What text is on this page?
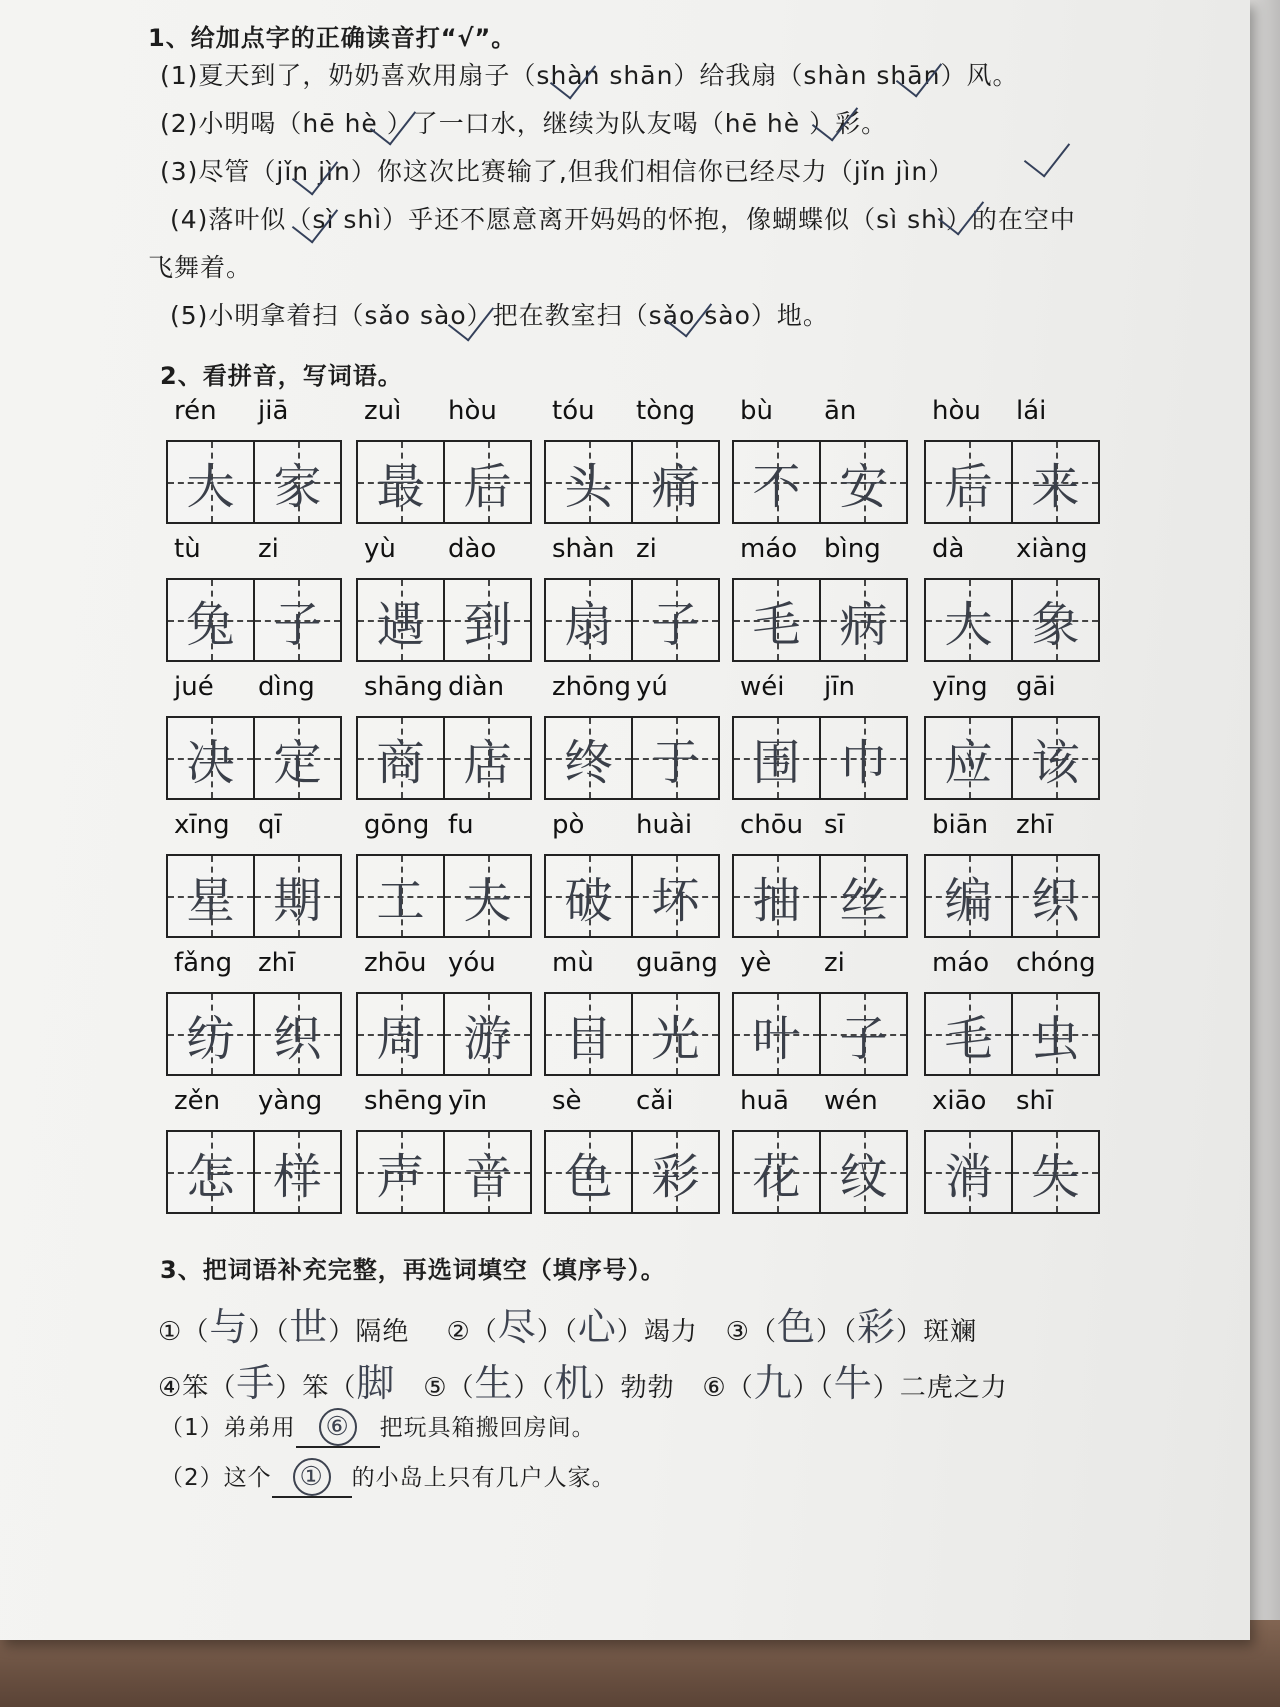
1、给加点字的正确读音打“√”。
(1)夏天到了，奶奶喜欢用扇子（shàn shān）给我扇（shàn shān）风。
(2)小明喝（hē hè ）了一口水，继续为队友喝（hē hè ）彩。
(3)尽管（jǐn jìn）你这次比赛输了,但我们相信你已经尽力（jǐn jìn）
(4)落叶似（sì shì）乎还不愿意离开妈妈的怀抱，像蝴蝶似（sì shì）的在空中
飞舞着。
(5)小明拿着扫（sǎo sào）把在教室扫（sǎo sào）地。
2、看拼音，写词语。
rén jiā
大 家
zuì hòu
最 后
tóu tòng
头 痛
bù ān
不 安
hòu lái
后 来
tù zi
兔 子
yù dào
遇 到
shàn zi
扇 子
máo bìng
毛 病
dà xiàng
大 象
jué dìng
决 定
shāng diàn
商 店
zhōng yú
终 于
wéi jīn
围 巾
yīng gāi
应 该
xīng qī
星 期
gōng fu
工 夫
pò huài
破 坏
chōu sī
抽 丝
biān zhī
编 织
fǎng zhī
纺 织
zhōu yóu
周 游
mù guāng
目 光
yè zi
叶 子
máo chóng
毛 虫
zěn yàng
怎 样
shēng yīn
声 音
sè cǎi
色 彩
huā wén
花 纹
xiāo shī
消 失
3、把词语补充完整，再选词填空（填序号）。
①（与）（世）隔绝 ②（尽）（心）竭力 ③（色）（彩）斑斓
④笨（手）笨（脚 ⑤（生）（机）勃勃 ⑥（九）（牛）二虎之力
（1）弟弟用 ⑥ 把玩具箱搬回房间。
（2）这个 ① 的小岛上只有几户人家。
